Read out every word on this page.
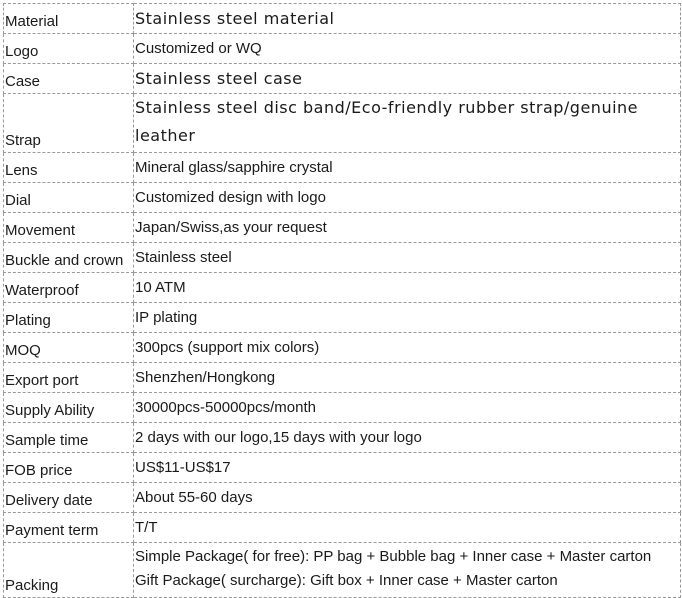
Material	Stainless steel material
Logo	Customized or WQ
Case	Stainless steel case
Strap	Stainless steel disc band/Eco-friendly rubber strap/genuine leather
Lens	Mineral glass/sapphire crystal
Dial	Customized design with logo
Movement	Japan/Swiss,as your request
Buckle and crown	Stainless steel
Waterproof	10 ATM
Plating	IP plating
MOQ	300pcs (support mix colors)
Export port	Shenzhen/Hongkong
Supply Ability	30000pcs-50000pcs/month
Sample time	2 days with our logo,15 days with your logo
FOB price	US$11-US$17
Delivery date	About 55-60 days
Payment term	T/T
Packing	Simple Package( for free): PP bag + Bubble bag + Inner case + Master carton
Gift Package( surcharge): Gift box + Inner case + Master carton
